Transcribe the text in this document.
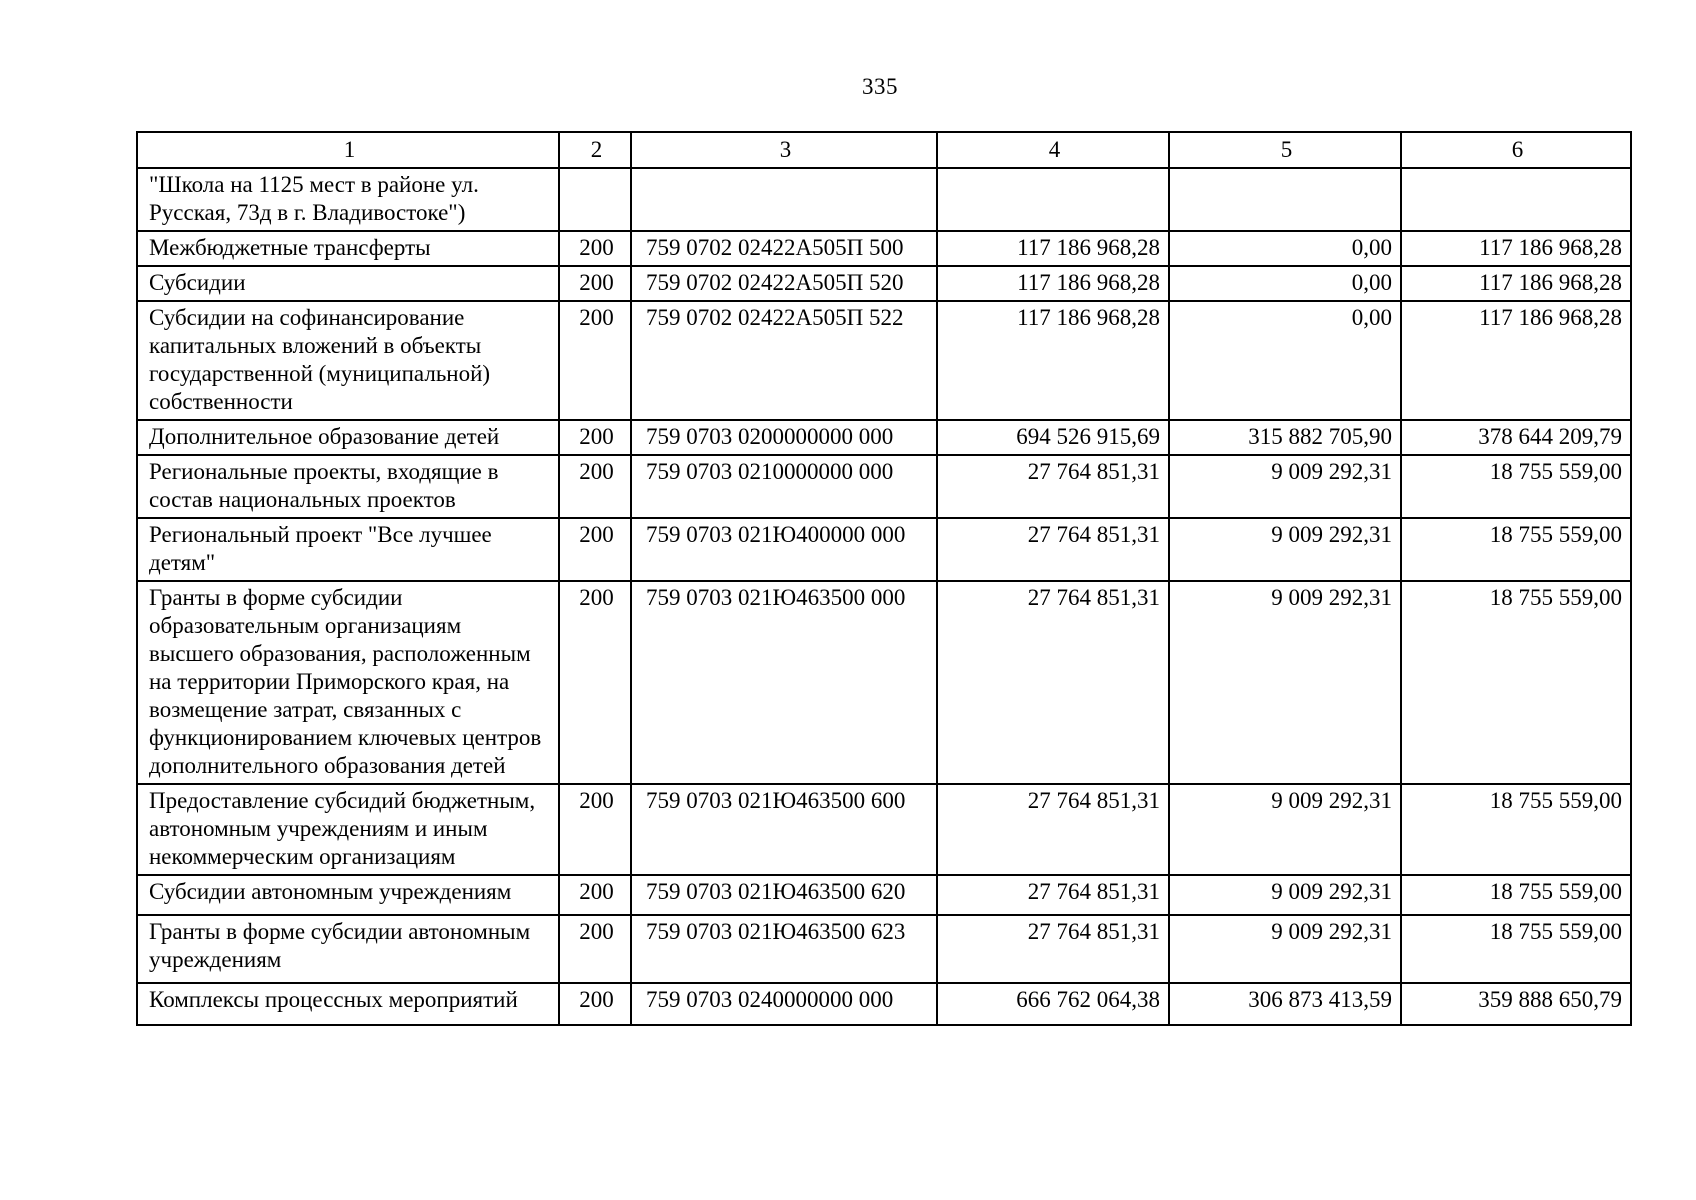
335
1	2	3	4	5	6
"Школа на 1125 мест в районе ул. Русская, 73д в г. Владивостоке")					
Межбюджетные трансферты	200	759 0702 02422А505П 500	117 186 968,28	0,00	117 186 968,28
Субсидии	200	759 0702 02422А505П 520	117 186 968,28	0,00	117 186 968,28
Субсидии на софинансирование капитальных вложений в объекты государственной (муниципальной) собственности	200	759 0702 02422А505П 522	117 186 968,28	0,00	117 186 968,28
Дополнительное образование детей	200	759 0703 0200000000 000	694 526 915,69	315 882 705,90	378 644 209,79
Региональные проекты, входящие в состав национальных проектов	200	759 0703 0210000000 000	27 764 851,31	9 009 292,31	18 755 559,00
Региональный проект "Все лучшее детям"	200	759 0703 021Ю400000 000	27 764 851,31	9 009 292,31	18 755 559,00
Гранты в форме субсидии образовательным организациям высшего образования, расположенным на территории Приморского края, на возмещение затрат, связанных с функционированием ключевых центров дополнительного образования детей	200	759 0703 021Ю463500 000	27 764 851,31	9 009 292,31	18 755 559,00
Предоставление субсидий бюджетным, автономным учреждениям и иным некоммерческим организациям	200	759 0703 021Ю463500 600	27 764 851,31	9 009 292,31	18 755 559,00
Субсидии автономным учреждениям	200	759 0703 021Ю463500 620	27 764 851,31	9 009 292,31	18 755 559,00
Гранты в форме субсидии автономным учреждениям	200	759 0703 021Ю463500 623	27 764 851,31	9 009 292,31	18 755 559,00
Комплексы процессных мероприятий	200	759 0703 0240000000 000	666 762 064,38	306 873 413,59	359 888 650,79
